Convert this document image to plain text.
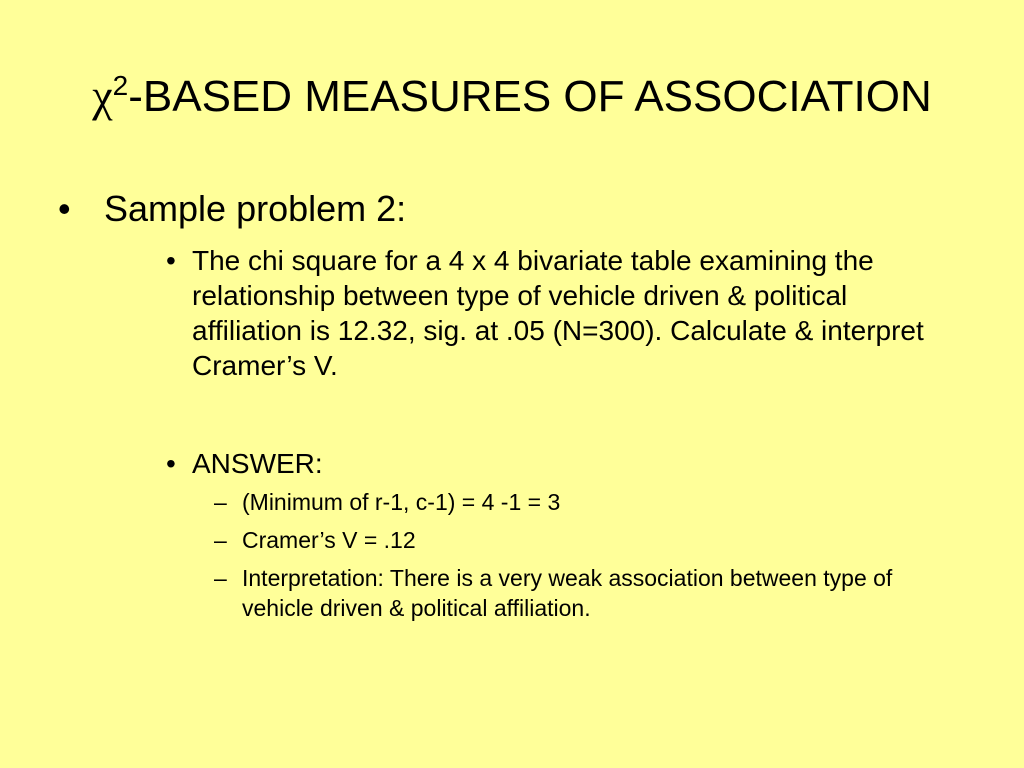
$\chi^2$-BASED MEASURES OF ASSOCIATION
• Sample problem 2:
• The chi square for a 4 x 4 bivariate table examining the relationship between type of vehicle driven & political affiliation is 12.32, sig. at .05 (N=300). Calculate & interpret Cramer’s V.
• ANSWER:
– (Minimum of r-1, c-1) = 4 -1 = 3
– Cramer’s V = .12
– Interpretation: There is a very weak association between type of vehicle driven & political affiliation.
